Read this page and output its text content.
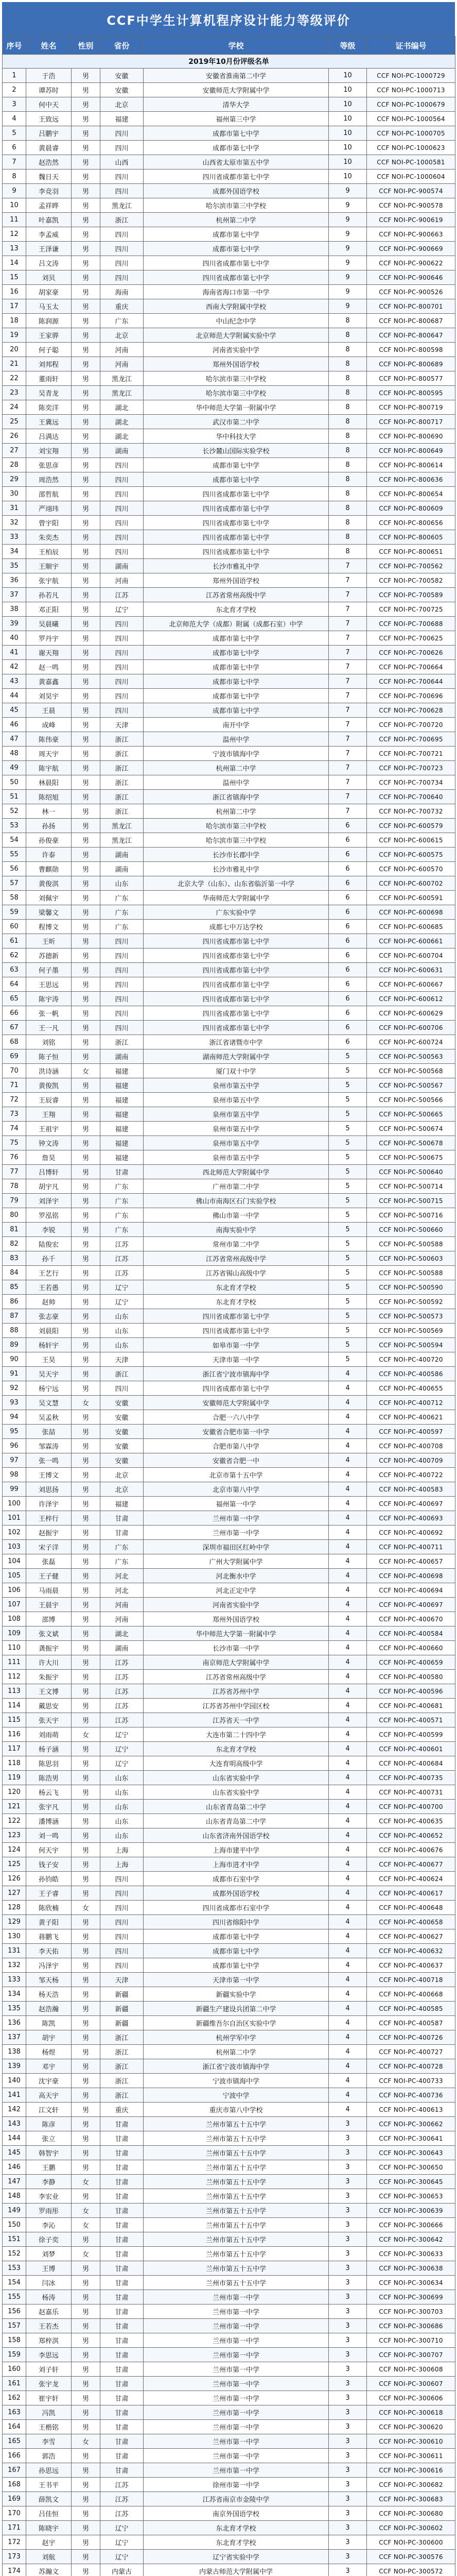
CCF中学生计算机程序设计能力等级评价
序号	姓名	性别	省份	学校	等级	证书编号
2019年10月份评级名单						
1	于浩	男	安徽	安徽省淮南第二中学	10	CCF NOI-PC-1000729
2	谭苏时	男	安徽	安徽师范大学附属中学	10	CCF NOI-PC-1000713
3	何中天	男	北京	清华大学	10	CCF NOI-PC-1000679
4	王致远	男	福建	福州第三中学	10	CCF NOI-PC-1000564
5	吕鹏宇	男	四川	成都市第七中学	10	CCF NOI-PC-1000705
6	黄晨睿	男	四川	成都市第七中学	10	CCF NOI-PC-1000623
7	赵浩然	男	山西	山西省太原市第五中学	10	CCF NOI-PC-1000581
8	魏日天	男	四川	四川省成都市第七中学	10	CCF NOI-PC-1000604
9	李竞羽	男	四川	成都外国语学校	9	CCF NOI-PC-900574
10	孟祥晔	男	黑龙江	哈尔滨市第三中学校	9	CCF NOI-PC-900578
11	叶嘉凯	男	浙江	杭州第二中学	9	CCF NOI-PC-900619
12	李孟威	男	四川	成都市第七中学	9	CCF NOI-PC-900663
13	王泽谦	男	四川	成都市第七中学	9	CCF NOI-PC-900669
14	吕文涛	男	四川	四川省成都市第七中学	9	CCF NOI-PC-900622
15	刘贝	男	四川	四川省成都市第七中学	9	CCF NOI-PC-900646
16	胡家豪	男	海南	海南省海口市第一中学	9	CCF NOI-PC-900526
17	马玉太	男	重庆	西南大学附属中学校	9	CCF NOI-PC-800701
18	陈润源	男	广东	中山纪念中学	8	CCF NOI-PC-800687
19	王家骅	男	北京	北京师范大学附属实验中学	8	CCF NOI-PC-800647
20	何子聪	男	河南	河南省实验中学	8	CCF NOI-PC-800598
21	刘邦程	男	河南	郑州外国语学校	8	CCF NOI-PC-800689
22	董雨轩	男	黑龙江	哈尔滨市第三中学校	8	CCF NOI-PC-800577
23	吴青龙	男	黑龙江	哈尔滨市第三中学校	8	CCF NOI-PC-800595
24	陈奕洋	男	湖北	华中师范大学第一附属中学	8	CCF NOI-PC-800719
25	王冀远	男	湖北	武汉市第二中学	8	CCF NOI-PC-800717
26	吕满达	男	湖北	华中科技大学	8	CCF NOI-PC-800690
27	刘宝翔	男	湖南	长沙麓山国际实验学校	8	CCF NOI-PC-800649
28	张思彦	男	四川	成都市第七中学	8	CCF NOI-PC-800614
29	周浩然	男	四川	成都市第七中学	8	CCF NOI-PC-800636
30	邵哲航	男	四川	四川省成都市第七中学	8	CCF NOI-PC-800654
31	严翊玮	男	四川	四川省成都市第七中学	8	CCF NOI-PC-800609
32	曾宇阳	男	四川	四川省成都市第七中学	8	CCF NOI-PC-800656
33	朱奕杰	男	四川	四川省成都市第七中学	8	CCF NOI-PC-800605
34	王柏辰	男	四川	四川省成都市第七中学	8	CCF NOI-PC-800651
35	王顺宇	男	湖南	长沙市雅礼中学	7	CCF NOI-PC-700562
36	张宇航	男	河南	郑州外国语学校	7	CCF NOI-PC-700582
37	孙若凡	男	江苏	江苏省常州高级中学	7	CCF NOI-PC-700589
38	邓正阳	男	辽宁	东北育才学校	7	CCF NOI-PC-700725
39	吴晨曦	男	四川	北京师范大学（成都）附属（成都石室）中学	7	CCF NOI-PC-700688
40	罗丹宇	男	四川	成都市第七中学	7	CCF NOI-PC-700625
41	谢天翔	男	四川	成都市第七中学	7	CCF NOI-PC-700626
42	赵一鸣	男	四川	成都市第七中学	7	CCF NOI-PC-700664
43	黄嘉鑫	男	四川	成都市第七中学	7	CCF NOI-PC-700644
44	刘昊宇	男	四川	成都市第七中学	7	CCF NOI-PC-700696
45	王晨	男	四川	成都市第七中学	7	CCF NOI-PC-700628
46	成峰	男	天津	南开中学	7	CCF NOI-PC-700720
47	陈伟豪	男	浙江	温州中学	7	CCF NOI-PC-700695
48	周天宇	男	浙江	宁波市镇海中学	7	CCF NOI-PC-700721
49	陈宇航	男	浙江	杭州第二中学	7	CCF NOI-PC-700723
50	林晨阳	男	浙江	温州中学	7	CCF NOI-PC-700734
51	陈绍旭	男	浙江	浙江省镇海中学	7	CCF NOI-PC-700640
52	林一	男	浙江	杭州第二中学	7	CCF NOI-PC-700732
53	孙扬	男	黑龙江	哈尔滨市第三中学校	6	CCF NOI-PC-600579
54	孙俊豪	男	黑龙江	哈尔滨市第三中学校	6	CCF NOI-PC-600615
55	许泰	男	湖南	长沙市长郡中学	6	CCF NOI-PC-600575
56	曹麒勋	男	湖南	长沙市雅礼中学	6	CCF NOI-PC-600570
57	黄俊淇	男	山东	北京大学（山东）、山东省临沂第一中学	6	CCF NOI-PC-600702
58	刘佩宇	男	广东	华南师范大学附属中学	6	CCF NOI-PC-600591
59	梁馨文	男	广东	广东实验中学	6	CCF NOI-PC-600698
60	程博文	男	广东	成都七中万达学校	6	CCF NOI-PC-600685
61	王昕	男	四川	四川省成都市第七中学	6	CCF NOI-PC-600661
62	苏德新	男	四川	四川省成都市第七中学	6	CCF NOI-PC-600704
63	何子墨	男	四川	四川省成都市第七中学	6	CCF NOI-PC-600631
64	王思远	男	四川	四川省成都市第七中学	6	CCF NOI-PC-600667
65	陈宇涛	男	四川	四川省成都市第七中学	6	CCF NOI-PC-600612
66	张一帆	男	四川	四川省成都市第七中学	6	CCF NOI-PC-600629
67	王一凡	男	四川	四川省成都市第七中学	6	CCF NOI-PC-600706
68	刘铭	男	浙江	浙江省诸暨市中学	6	CCF NOI-PC-600724
69	陈子恒	男	湖南	湖南师范大学附属中学	5	CCF NOI-PC-500563
70	洪诗涵	女	福建	厦门双十中学	5	CCF NOI-PC-500568
71	黄俊凯	男	福建	泉州市第五中学	5	CCF NOI-PC-500567
72	王辰睿	男	福建	泉州市第五中学	5	CCF NOI-PC-500566
73	王翔	男	福建	泉州市第五中学	5	CCF NOI-PC-500665
74	王祖宇	男	福建	泉州市第五中学	5	CCF NOI-PC-500674
75	钟文涛	男	福建	泉州市第五中学	5	CCF NOI-PC-500678
76	詹昊	男	福建	泉州市第五中学	5	CCF NOI-PC-500675
77	吕博轩	男	甘肃	西北师范大学附属中学	5	CCF NOI-PC-500640
78	胡宇凡	男	广东	广州市第二中学	5	CCF NOI-PC-500714
79	刘泽宇	男	广东	佛山市南海区石门实验学校	5	CCF NOI-PC-500715
80	罗泓铭	男	广东	佛山市第一中学	5	CCF NOI-PC-500716
81	李锐	男	广东	南海实验中学	5	CCF NOI-PC-500660
82	陆俊宏	男	江苏	常州市第二中学	5	CCF NOI-PC-500588
83	孙千	男	江苏	江苏省常州高级中学	5	CCF NOI-PC-500603
84	王艺行	男	江苏	江苏省锡山高级中学	5	CCF NOI-PC-500588
85	王若愚	男	辽宁	东北育才学校	5	CCF NOI-PC-500590
86	赵帅	男	辽宁	东北育才学校	5	CCF NOI-PC-500592
87	张志豪	男	山东	四川省成都市第七中学	5	CCF NOI-PC-500573
88	刘晨阳	男	山东	四川省成都市第七中学	5	CCF NOI-PC-500569
89	杨轩宇	男	山东	如皋市第一中学	5	CCF NOI-PC-500594
90	王昊	男	天津	天津市第一中学	5	CCF NOI-PC-400720
91	吴天宇	男	浙江	浙江省宁波市镇海中学	4	CCF NOI-PC-400586
92	杨宁远	男	四川	四川省成都市第七中学	4	CCF NOI-PC-400655
93	吴文慧	女	安徽	安徽师范大学附属中学	4	CCF NOI-PC-400712
94	吴孟秋	男	安徽	合肥一六八中学	4	CCF NOI-PC-400621
95	张喆	男	安徽	安徽省合肥市第一中学	4	CCF NOI-PC-400597
96	邹霖涛	男	安徽	合肥市第八中学	4	CCF NOI-PC-400708
97	张一鸣	男	安徽	安徽省合肥一中	4	CCF NOI-PC-400709
98	王博文	男	北京	北京市第十五中学	4	CCF NOI-PC-400722
99	刘思扬	男	北京	北京市第八中学	4	CCF NOI-PC-400583
100	许泽宇	男	福建	福州第一中学	4	CCF NOI-PC-400697
101	王梓行	男	甘肃	兰州市第一中学	4	CCF NOI-PC-400693
102	赵振宇	男	甘肃	兰州市第一中学	4	CCF NOI-PC-400692
103	宋子洋	男	广东	深圳市福田区红岭中学	4	CCF NOI-PC-400711
104	张磊	男	广东	广州大学附属中学	4	CCF NOI-PC-400657
105	王子健	男	河北	河北衡水中学	4	CCF NOI-PC-400698
106	马雨晨	男	河北	河北正定中学	4	CCF NOI-PC-400694
107	王晨宇	男	河南	河南省实验中学	4	CCF NOI-PC-400697
108	邵博	男	河南	郑州外国语学校	4	CCF NOI-PC-400670
109	张文斌	男	湖北	华中师范大学第一附属中学	4	CCF NOI-PC-400584
110	龚振宇	男	湖南	长沙市第一中学	4	CCF NOI-PC-400660
111	许大川	男	江苏	南京师范大学附属中学	4	CCF NOI-PC-400659
112	朱振宇	男	江苏	江苏省常州高级中学	4	CCF NOI-PC-400580
113	王文博	男	江苏	江苏省苏州中学	4	CCF NOI-PC-400596
114	戴思安	男	江苏	江苏省苏州中学园区校	4	CCF NOI-PC-400681
115	张天宇	男	江苏	江苏省天一中学	4	CCF NOI-PC-400571
116	刘雨萌	女	辽宁	大连市第二十四中学	4	CCF NOI-PC-400599
117	杨子涵	男	辽宁	东北育才学校	4	CCF NOI-PC-400601
118	陈思羽	男	辽宁	大连育明高级中学	4	CCF NOI-PC-400684
119	陈浩男	男	山东	山东省实验中学	4	CCF NOI-PC-400735
120	杨云飞	男	山东	山东省实验中学	4	CCF NOI-PC-400731
121	张宇凡	男	山东	山东省青岛第二中学	4	CCF NOI-PC-400700
122	潘博涵	男	山东	山东省青岛第二中学	4	CCF NOI-PC-400635
123	刘一鸣	男	山东	山东省济南外国语学校	4	CCF NOI-PC-400652
124	何天宇	男	上海	上海市建平中学	4	CCF NOI-PC-400676
125	钱子安	男	上海	上海市进才中学	4	CCF NOI-PC-400677
126	孙钧皓	男	四川	成都市石室中学	4	CCF NOI-PC-400624
127	王子睿	男	四川	成都外国语学校	4	CCF NOI-PC-400617
128	陈欣楠	女	四川	四川省成都市石室中学	4	CCF NOI-PC-400648
129	黄子阳	男	四川	四川省绵阳中学	4	CCF NOI-PC-400658
130	蒋鹏飞	男	四川	成都市第七中学	4	CCF NOI-PC-400627
131	李天佑	男	四川	成都市第七中学	4	CCF NOI-PC-400632
132	冯泽宇	男	四川	成都市第七中学	4	CCF NOI-PC-400637
133	邹天杨	男	天津	天津市第一中学	4	CCF NOI-PC-400718
134	杨天浩	男	新疆	新疆实验中学	4	CCF NOI-PC-400668
135	赵浩瀚	男	新疆	新疆生产建设兵团第二中学	4	CCF NOI-PC-400585
136	陈凯	男	新疆	新疆维吾尔自治区实验中学	4	CCF NOI-PC-400587
137	胡宇	男	浙江	杭州学军中学	4	CCF NOI-PC-400726
138	杨煜	男	浙江	杭州第二中学	4	CCF NOI-PC-400727
139	邓宇	男	浙江	浙江省宁波市镇海中学	4	CCF NOI-PC-400728
140	沈宇豪	男	浙江	宁波市镇海中学	4	CCF NOI-PC-400733
141	高天宇	男	浙江	宁波中学	4	CCF NOI-PC-400736
142	江文轩	男	重庆	重庆市第八中学校	4	CCF NOI-PC-400613
143	陈彦	男	甘肃	兰州市第五十五中学	3	CCF NOI-PC-300662
144	张立	男	甘肃	兰州市第五十五中学	3	CCF NOI-PC-300641
145	韩智宇	男	甘肃	兰州市第五十五中学	3	CCF NOI-PC-300643
146	王鹏	男	甘肃	兰州市第五十五中学	3	CCF NOI-PC-300650
147	李静	女	甘肃	兰州市第五十五中学	3	CCF NOI-PC-300645
148	李宏业	男	甘肃	兰州市第五十五中学	3	CCF NOI-PC-300653
149	罗雨彤	女	甘肃	兰州市第五十五中学	3	CCF NOI-PC-300639
150	李沁	女	甘肃	兰州市第五十五中学	3	CCF NOI-PC-300666
151	徐子奕	男	甘肃	兰州市第五十五中学	3	CCF NOI-PC-300642
152	刘梦	女	甘肃	兰州市第五十五中学	3	CCF NOI-PC-300633
153	王博	男	甘肃	兰州市第五十五中学	3	CCF NOI-PC-300638
154	闫冰	男	甘肃	兰州市第五十五中学	3	CCF NOI-PC-300634
155	杨涛	男	甘肃	兰州市第一中学	3	CCF NOI-PC-300699
156	赵嘉乐	男	甘肃	兰州市第一中学	3	CCF NOI-PC-300703
157	王若杰	男	甘肃	兰州市第一中学	3	CCF NOI-PC-300686
158	郑梓淇	男	甘肃	兰州市第一中学	3	CCF NOI-PC-300710
159	李思远	男	甘肃	兰州市第一中学	3	CCF NOI-PC-300707
160	刘子轩	男	甘肃	兰州市第一中学	3	CCF NOI-PC-300608
161	张宇龙	男	甘肃	兰州市第一中学	3	CCF NOI-PC-300607
162	崔宇轩	男	甘肃	兰州市第一中学	3	CCF NOI-PC-300606
163	冯凯	男	甘肃	兰州市第一中学	3	CCF NOI-PC-300618
164	王楷铭	男	甘肃	兰州市第一中学	3	CCF NOI-PC-300620
165	李雪	女	甘肃	兰州市第一中学	3	CCF NOI-PC-300610
166	郭浩	男	甘肃	兰州市第一中学	3	CCF NOI-PC-300611
167	孙思远	男	甘肃	兰州市第一中学	3	CCF NOI-PC-300616
168	王书平	男	江苏	徐州市第一中学	3	CCF NOI-PC-300682
169	薛凯文	男	江苏	江苏省南京市金陵中学	3	CCF NOI-PC-300683
170	吕佳恒	男	江苏	南京外国语学校	3	CCF NOI-PC-300680
171	陈晓宇	男	辽宁	东北育才学校	3	CCF NOI-PC-300602
172	赵宇	男	辽宁	东北育才学校	3	CCF NOI-PC-300600
173	刘航	男	辽宁	辽宁省实验中学	3	CCF NOI-PC-300576
174	苏瀚文	男	内蒙古	内蒙古师范大学附属中学	3	CCF NOI-PC-300572
